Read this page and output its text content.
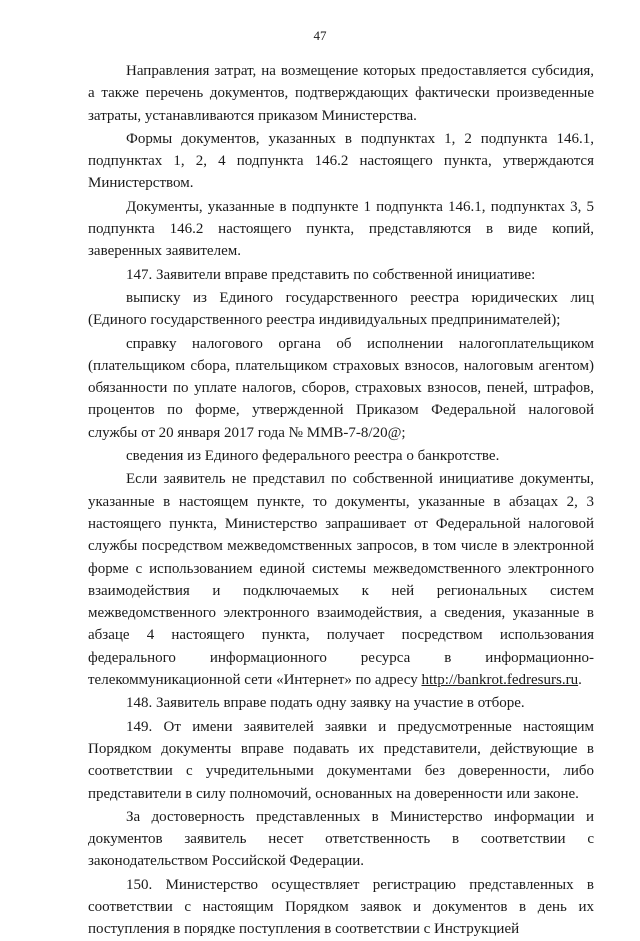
47

Направления затрат, на возмещение которых предоставляется субсидия, а также перечень документов, подтверждающих фактически произведенные затраты, устанавливаются приказом Министерства.

Формы документов, указанных в подпунктах 1, 2 подпункта 146.1, подпунктах 1, 2, 4 подпункта 146.2 настоящего пункта, утверждаются Министерством.

Документы, указанные в подпункте 1 подпункта 146.1, подпунктах 3, 5 подпункта 146.2 настоящего пункта, представляются в виде копий, заверенных заявителем.

147. Заявители вправе представить по собственной инициативе:

выписку из Единого государственного реестра юридических лиц (Единого государственного реестра индивидуальных предпринимателей);

справку налогового органа об исполнении налогоплательщиком (плательщиком сбора, плательщиком страховых взносов, налоговым агентом) обязанности по уплате налогов, сборов, страховых взносов, пеней, штрафов, процентов по форме, утвержденной Приказом Федеральной налоговой службы от 20 января 2017 года № ММВ-7-8/20@;

сведения из Единого федерального реестра о банкротстве.

Если заявитель не представил по собственной инициативе документы, указанные в настоящем пункте, то документы, указанные в абзацах 2, 3 настоящего пункта, Министерство запрашивает от Федеральной налоговой службы посредством межведомственных запросов, в том числе в электронной форме с использованием единой системы межведомственного электронного взаимодействия и подключаемых к ней региональных систем межведомственного электронного взаимодействия, а сведения, указанные в абзаце 4 настоящего пункта, получает посредством использования федерального информационного ресурса в информационно-телекоммуникационной сети «Интернет» по адресу http://bankrot.fedresurs.ru.

148. Заявитель вправе подать одну заявку на участие в отборе.

149. От имени заявителей заявки и предусмотренные настоящим Порядком документы вправе подавать их представители, действующие в соответствии с учредительными документами без доверенности, либо представители в силу полномочий, основанных на доверенности или законе.

За достоверность представленных в Министерство информации и документов заявитель несет ответственность в соответствии с законодательством Российской Федерации.

150. Министерство осуществляет регистрацию представленных в соответствии с настоящим Порядком заявок и документов в день их поступления в порядке поступления в соответствии с Инструкцией
